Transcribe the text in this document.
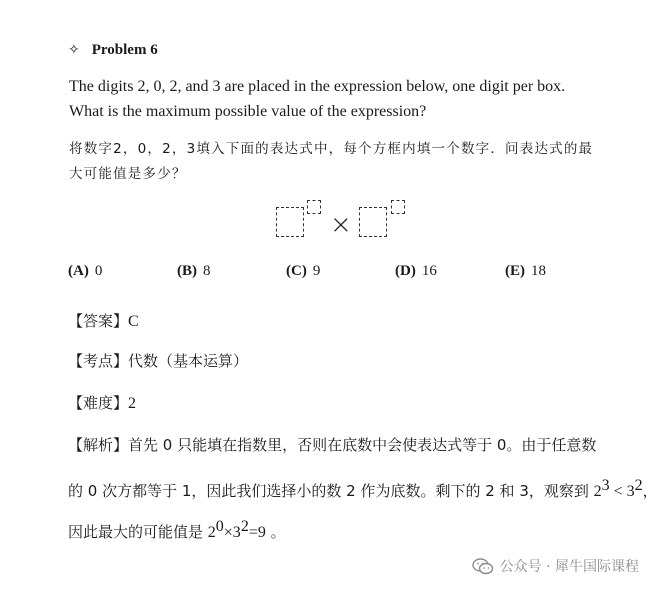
✧ Problem 6
The digits 2, 0, 2, and 3 are placed in the expression below, one digit per box.
What is the maximum possible value of the expression?
将数字2，0，2，3填入下面的表达式中，每个方框内填一个数字．问表达式的最
大可能值是多少？
×
(A) 0	(B) 8	(C) 9	(D) 16	(E) 18
【答案】C
【考点】代数（基本运算）
【难度】2
【解析】首先 0 只能填在指数里，否则在底数中会使表达式等于 0。由于任意数
的 0 次方都等于 1，因此我们选择小的数 2 作为底数。剩下的 2 和 3，观察到 $2^3 < 3^2$，
因此最大的可能值是 $2^0\times 3^2=9$ 。
公众号 · 犀牛国际课程
